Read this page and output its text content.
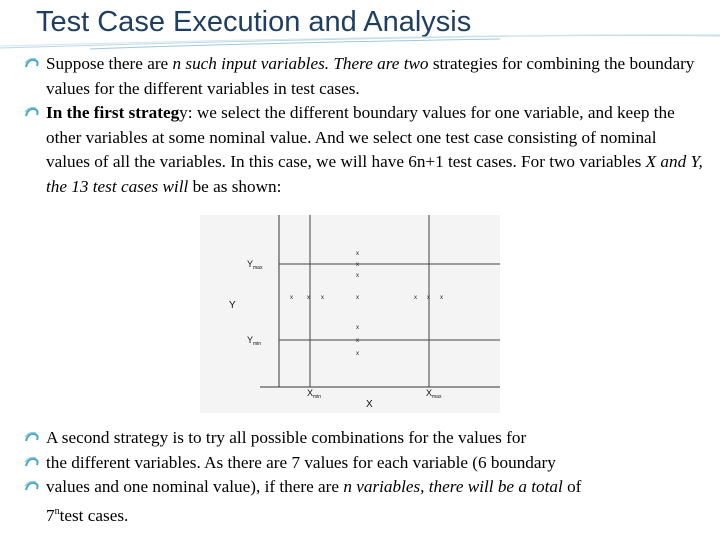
Test Case Execution and Analysis
Suppose there are n such input variables. There are two strategies for combining the boundary values for the different variables in test cases.
In the first strategy: we select the different boundary values for one variable, and keep the other variables at some nominal value. And we select one test case consisting of nominal values of all the variables. In this case, we will have 6n+1 test cases. For two variables X and Y, the 13 test cases will be as shown:
$Y_{max}$
$Y_{min}$
Y
$X_{min}$	$X_{max}$
X
x
x
x
x x x	x	x x x
x
x
x
A second strategy is to try all possible combinations for the values for
the different variables. As there are 7 values for each variable (6 boundary
values and one nominal value), if there are n variables, there will be a total of
7$^n$test cases.
